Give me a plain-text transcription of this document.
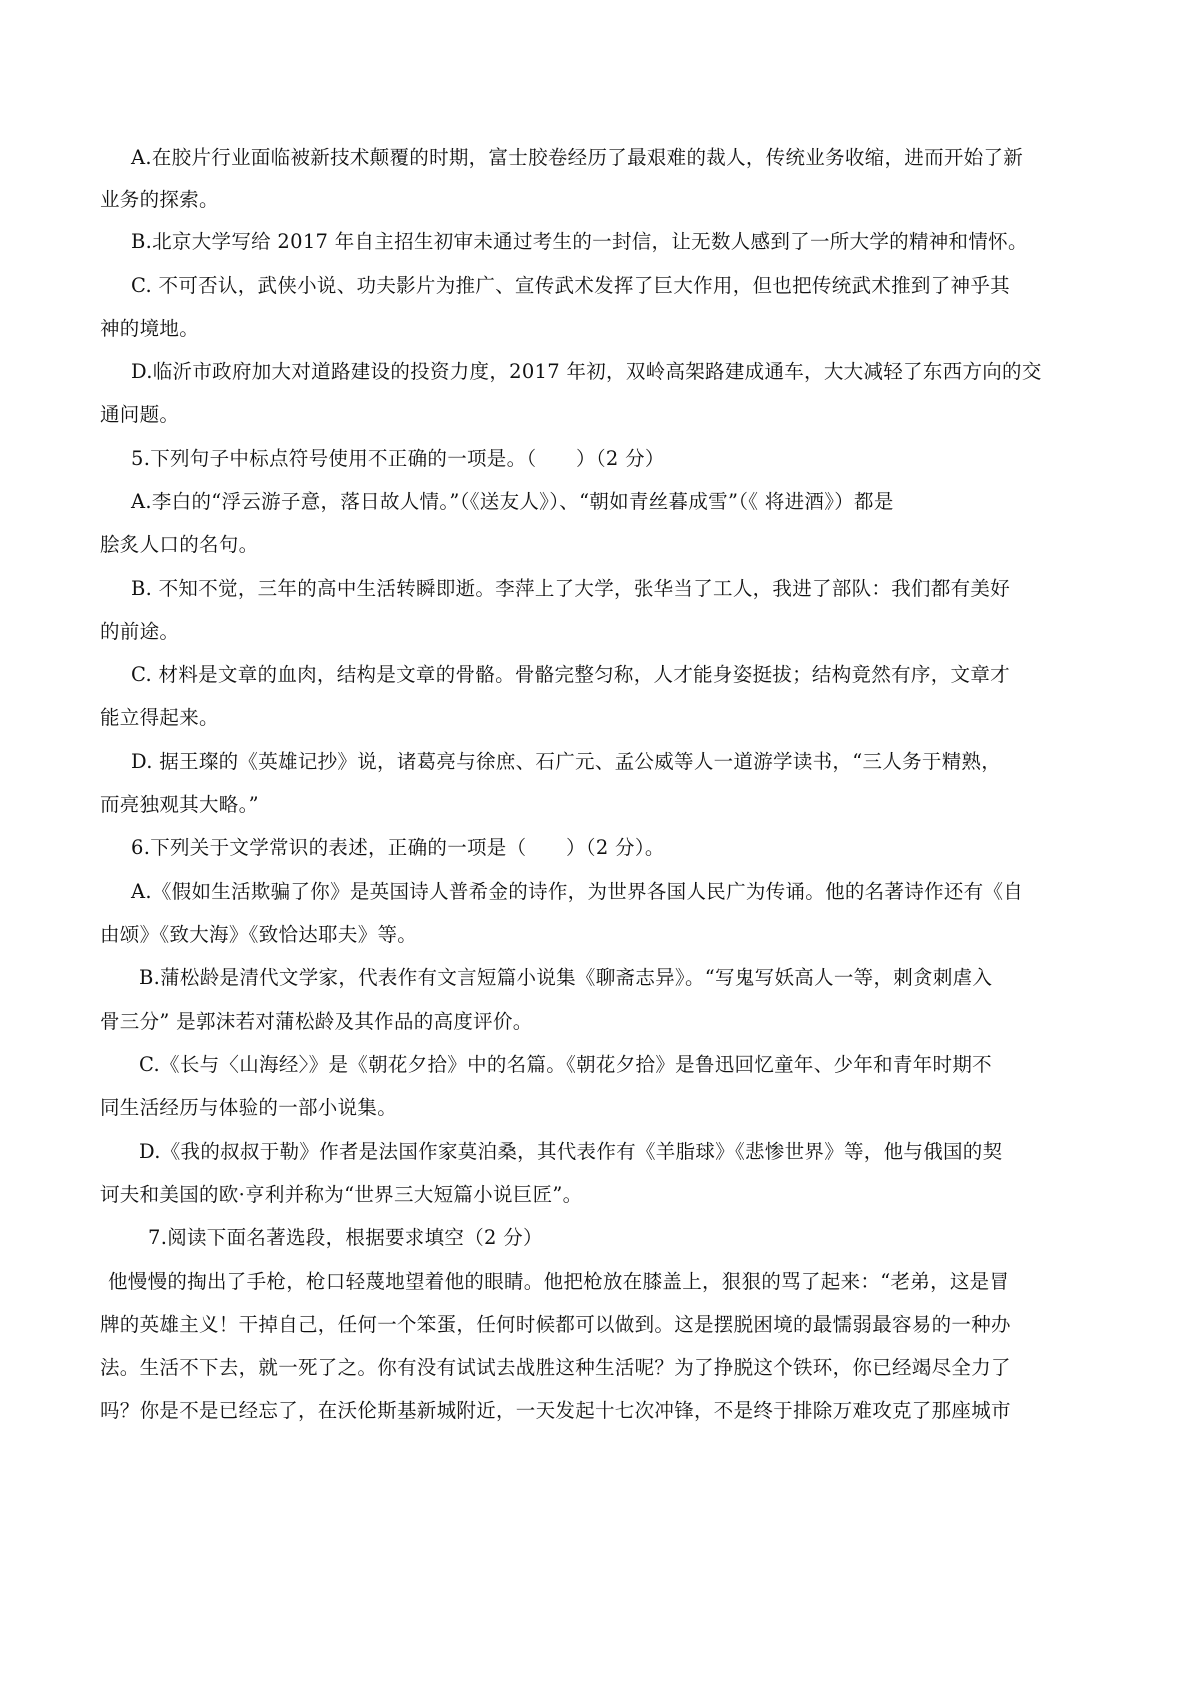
A.在胶片行业面临被新技术颠覆的时期，富士胶卷经历了最艰难的裁人，传统业务收缩，进而开始了新
业务的探索。
B.北京大学写给 2017 年自主招生初审未通过考生的一封信，让无数人感到了一所大学的精神和情怀。
C. 不可否认，武侠小说、功夫影片为推广、宣传武术发挥了巨大作用，但也把传统武术推到了神乎其
神的境地。
D.临沂市政府加大对道路建设的投资力度，2017 年初，双岭高架路建成通车，大大减轻了东西方向的交
通问题。
5.下列句子中标点符号使用不正确的一项是。（　　）（2 分）
A.李白的“浮云游子意，落日故人情。”（《送友人》）、“朝如青丝暮成雪”（《 将进酒》）都是
脍炙人口的名句。
B. 不知不觉，三年的高中生活转瞬即逝。李萍上了大学，张华当了工人，我进了部队：我们都有美好
的前途。
C. 材料是文章的血肉，结构是文章的骨骼。骨骼完整匀称，人才能身姿挺拔；结构竟然有序，文章才
能立得起来。
D. 据王璨的《英雄记抄》说，诸葛亮与徐庶、石广元、孟公威等人一道游学读书，“三人务于精熟，
而亮独观其大略。”
6.下列关于文学常识的表述，正确的一项是（　　）（2 分）。
A.《假如生活欺骗了你》是英国诗人普希金的诗作，为世界各国人民广为传诵。他的名著诗作还有《自
由颂》《致大海》《致恰达耶夫》等。
B.蒲松龄是清代文学家，代表作有文言短篇小说集《聊斋志异》。“写鬼写妖高人一等，刺贪刺虐入
骨三分” 是郭沫若对蒲松龄及其作品的高度评价。
C.《长与〈山海经〉》是《朝花夕拾》中的名篇。《朝花夕拾》是鲁迅回忆童年、少年和青年时期不
同生活经历与体验的一部小说集。
D.《我的叔叔于勒》作者是法国作家莫泊桑，其代表作有《羊脂球》《悲惨世界》等，他与俄国的契
诃夫和美国的欧·亨利并称为“世界三大短篇小说巨匠”。
7.阅读下面名著选段，根据要求填空（2 分）
他慢慢的掏出了手枪，枪口轻蔑地望着他的眼睛。他把枪放在膝盖上，狠狠的骂了起来：“老弟，这是冒
牌的英雄主义！干掉自己，任何一个笨蛋，任何时候都可以做到。这是摆脱困境的最懦弱最容易的一种办
法。生活不下去，就一死了之。你有没有试试去战胜这种生活呢？为了挣脱这个铁环，你已经竭尽全力了
吗？你是不是已经忘了，在沃伦斯基新城附近，一天发起十七次冲锋，不是终于排除万难攻克了那座城市
